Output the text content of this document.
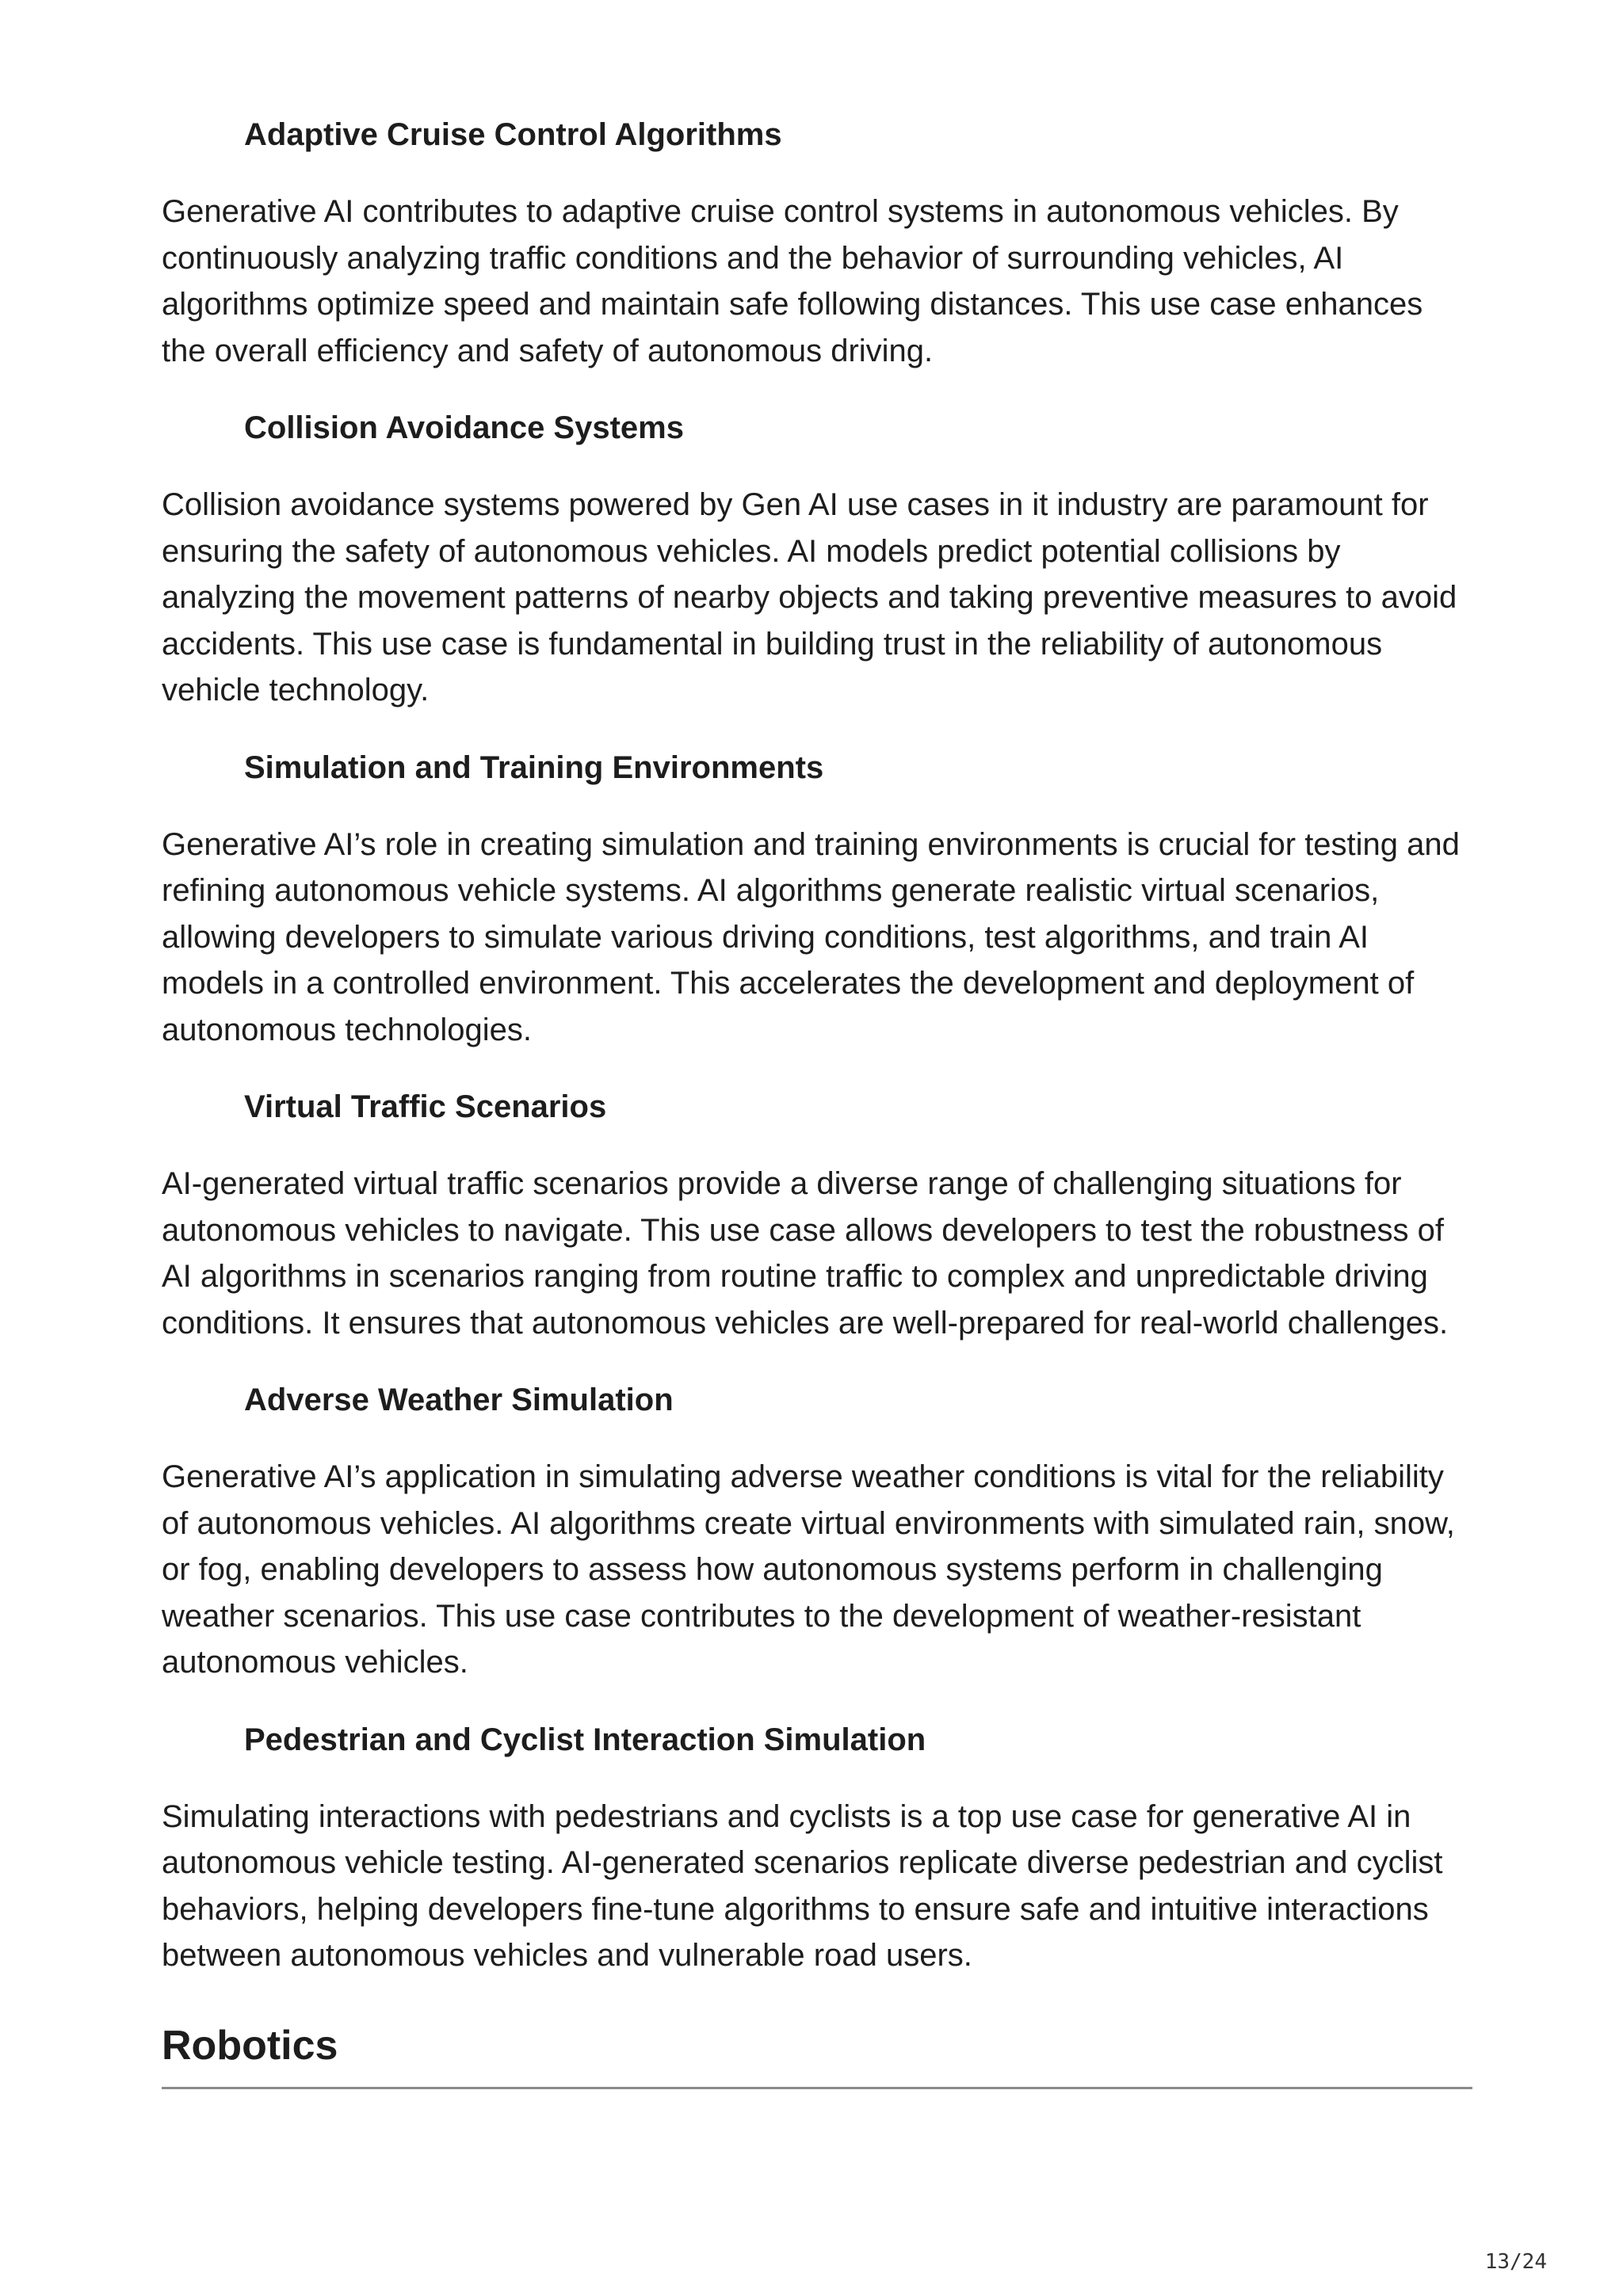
Adaptive Cruise Control Algorithms

Generative AI contributes to adaptive cruise control systems in autonomous vehicles. By continuously analyzing traffic conditions and the behavior of surrounding vehicles, AI algorithms optimize speed and maintain safe following distances. This use case enhances the overall efficiency and safety of autonomous driving.

Collision Avoidance Systems

Collision avoidance systems powered by Gen AI use cases in it industry are paramount for ensuring the safety of autonomous vehicles. AI models predict potential collisions by analyzing the movement patterns of nearby objects and taking preventive measures to avoid accidents. This use case is fundamental in building trust in the reliability of autonomous vehicle technology.

Simulation and Training Environments

Generative AI’s role in creating simulation and training environments is crucial for testing and refining autonomous vehicle systems. AI algorithms generate realistic virtual scenarios, allowing developers to simulate various driving conditions, test algorithms, and train AI models in a controlled environment. This accelerates the development and deployment of autonomous technologies.

Virtual Traffic Scenarios

AI-generated virtual traffic scenarios provide a diverse range of challenging situations for autonomous vehicles to navigate. This use case allows developers to test the robustness of AI algorithms in scenarios ranging from routine traffic to complex and unpredictable driving conditions. It ensures that autonomous vehicles are well-prepared for real-world challenges.

Adverse Weather Simulation

Generative AI’s application in simulating adverse weather conditions is vital for the reliability of autonomous vehicles. AI algorithms create virtual environments with simulated rain, snow, or fog, enabling developers to assess how autonomous systems perform in challenging weather scenarios. This use case contributes to the development of weather-resistant autonomous vehicles.

Pedestrian and Cyclist Interaction Simulation

Simulating interactions with pedestrians and cyclists is a top use case for generative AI in autonomous vehicle testing. AI-generated scenarios replicate diverse pedestrian and cyclist behaviors, helping developers fine-tune algorithms to ensure safe and intuitive interactions between autonomous vehicles and vulnerable road users.

Robotics
13/24
